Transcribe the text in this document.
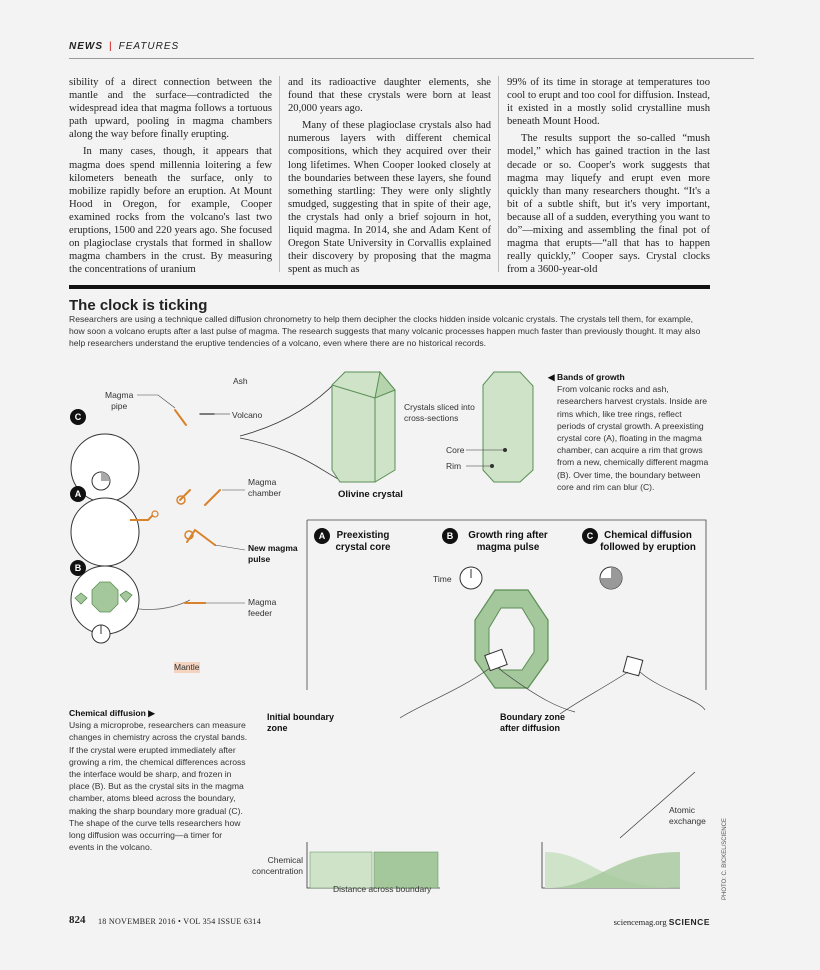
NEWS | FEATURES

sibility of a direct connection between the mantle and the surface—contradicted the widespread idea that magma follows a tortuous path upward, pooling in magma chambers along the way before finally erupting.

In many cases, though, it appears that magma does spend millennia loitering a few kilometers beneath the surface, only to mobilize rapidly before an eruption. At Mount Hood in Oregon, for example, Cooper examined rocks from the volcano's last two eruptions, 1500 and 220 years ago. She focused on plagioclase crystals that formed in shallow magma chambers in the crust. By measuring the concentrations of uranium

and its radioactive daughter elements, she found that these crystals were born at least 20,000 years ago.

Many of these plagioclase crystals also had numerous layers with different chemical compositions, which they acquired over their long lifetimes. When Cooper looked closely at the boundaries between these layers, she found something startling: They were only slightly smudged, suggesting that in spite of their age, the crystals had only a brief sojourn in hot, liquid magma. In 2014, she and Adam Kent of Oregon State University in Corvallis explained their discovery by proposing that the magma spent as much as

99% of its time in storage at temperatures too cool to erupt and too cool for diffusion. Instead, it existed in a mostly solid crystalline mush beneath Mount Hood.

The results support the so-called “mush model,” which has gained traction in the last decade or so. Cooper's work suggests that magma may liquefy and erupt even more quickly than many researchers thought. “It's a bit of a subtle shift, but it's very important, because all of a sudden, everything you want to do”—mixing and assembling the final pot of magma that erupts—“all that has to happen really quickly,” Cooper says. Crystal clocks from a 3600-year-old

The clock is ticking
Researchers are using a technique called diffusion chronometry to help them decipher the clocks hidden inside volcanic crystals. The crystals tell them, for example, how soon a volcano erupts after a last pulse of magma. The research suggests that many volcanic processes happen much faster than previously thought. It may also help researchers understand the eruptive tendencies of a volcano, even where there are no historical records.
Ash
Magma
pipe
Volcano
Magma
chamber
New magma
pulse
Magma
feeder
Mantle
Crystals sliced into
cross-sections
Olivine crystal
Core
Rim
Time
Initial boundary
zone
Boundary zone
after diffusion
Atomic
exchange
Chemical
concentration
Distance across boundary
C
A
B
A	Preexisting
crystal core
B	Growth ring after
magma pulse
C	Chemical diffusion
followed by eruption
◀ Bands of growth
From volcanic rocks and ash, researchers harvest crystals. Inside are rims which, like tree rings, reflect periods of crystal growth. A preexisting crystal core (A), floating in the magma chamber, can acquire a rim that grows from a new, chemically different magma (B). Over time, the boundary between core and rim can blur (C).
Chemical diffusion ▶
Using a microprobe, researchers can measure changes in chemistry across the crystal bands. If the crystal were erupted immediately after growing a rim, the chemical differences across the interface would be sharp, and frozen in place (B). But as the crystal sits in the magma chamber, atoms bleed across the boundary, making the sharp boundary more gradual (C). The shape of the curve tells researchers how long diffusion was occurring—a timer for events in the volcano.	PHOTO: C. BICKEL/SCIENCE
824 18 NOVEMBER 2016 • VOL 354 ISSUE 6314	sciencemag.org SCIENCE
